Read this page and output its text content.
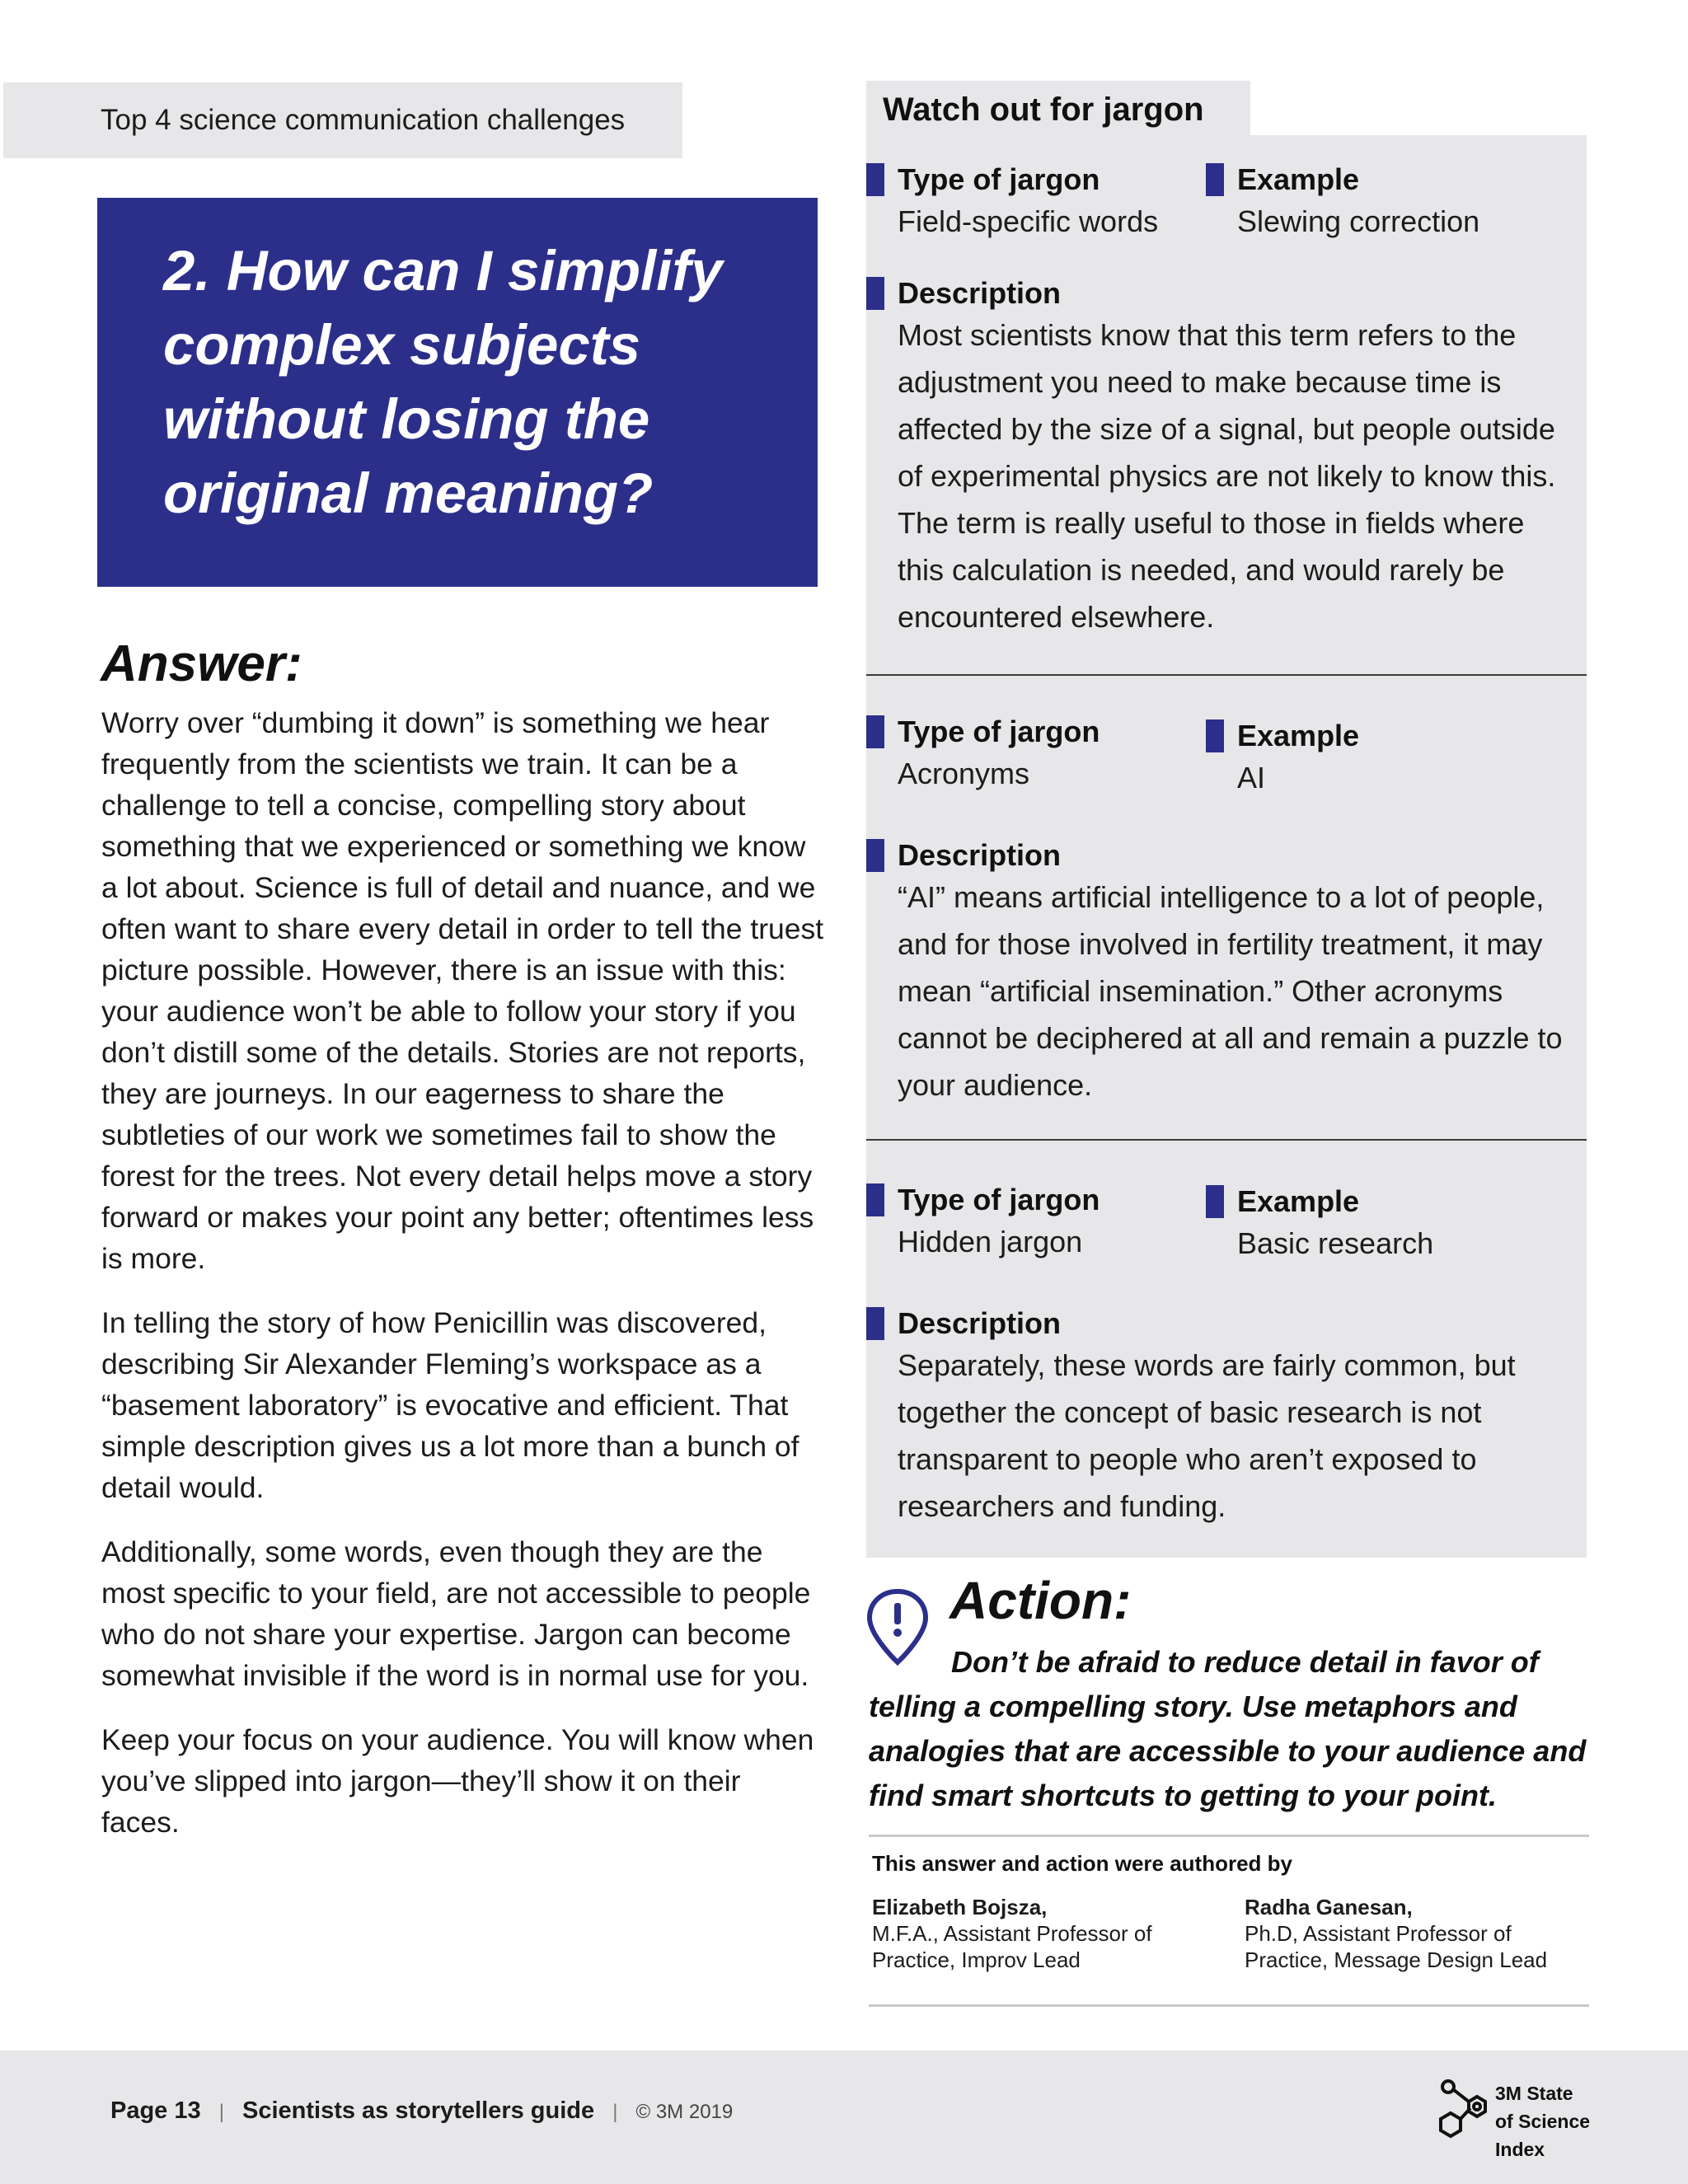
Top 4 science communication challenges
2. How can I simplify complex subjects without losing the original meaning?
Answer:

Worry over “dumbing it down” is something we hear frequently from the scientists we train. It can be a challenge to tell a concise, compelling story about something that we experienced or something we know a lot about. Science is full of detail and nuance, and we often want to share every detail in order to tell the truest picture possible. However, there is an issue with this: your audience won’t be able to follow your story if you don’t distill some of the details. Stories are not reports, they are journeys. In our eagerness to share the subtleties of our work we sometimes fail to show the forest for the trees. Not every detail helps move a story forward or makes your point any better; oftentimes less is more.

In telling the story of how Penicillin was discovered, describing Sir Alexander Fleming’s workspace as a “basement laboratory” is evocative and efficient. That simple description gives us a lot more than a bunch of detail would.

Additionally, some words, even though they are the most specific to your field, are not accessible to people who do not share your expertise. Jargon can become somewhat invisible if the word is in normal use for you.

Keep your focus on your audience. You will know when you’ve slipped into jargon—they’ll show it on their faces.

Watch out for jargon
Type of jargon
Field-specific words
Example
Slewing correction
Description
Most scientists know that this term refers to the adjustment you need to make because time is affected by the size of a signal, but people outside of experimental physics are not likely to know this. The term is really useful to those in fields where this calculation is needed, and would rarely be encountered elsewhere.
Type of jargon
Acronyms
Example
AI
Description
“AI” means artificial intelligence to a lot of people, and for those involved in fertility treatment, it may mean “artificial insemination.” Other acronyms cannot be deciphered at all and remain a puzzle to your audience.
Type of jargon
Hidden jargon
Example
Basic research
Description
Separately, these words are fairly common, but together the concept of basic research is not transparent to people who aren’t exposed to researchers and funding.
Action:
Don’t be afraid to reduce detail in favor of telling a compelling story. Use metaphors and analogies that are accessible to your audience and find smart shortcuts to getting to your point.
This answer and action were authored by
Elizabeth Bojsza,
M.F.A., Assistant Professor of Practice, Improv Lead
Radha Ganesan,
Ph.D, Assistant Professor of Practice, Message Design Lead
Page 13 | Scientists as storytellers guide | © 3M 2019
3M State
of Science
Index
